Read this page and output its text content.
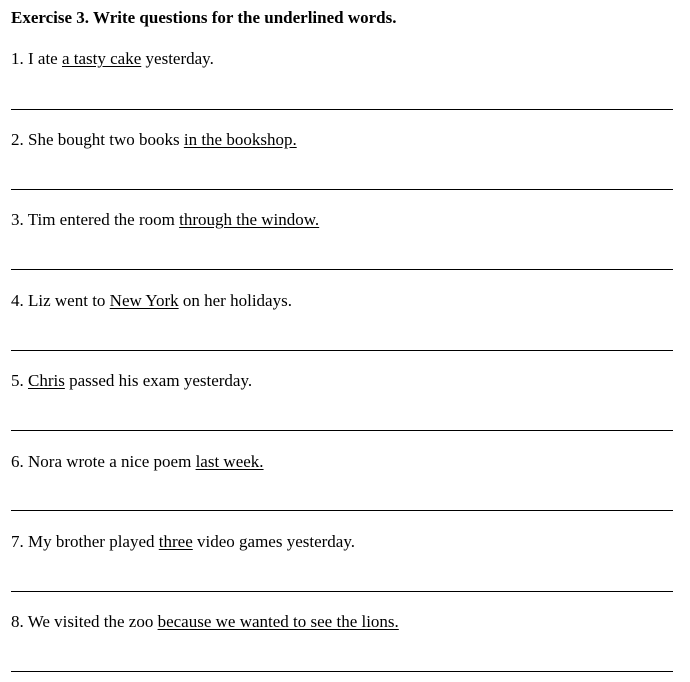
Exercise 3. Write questions for the underlined words.
1. I ate a tasty cake yesterday.
2. She bought two books in the bookshop.
3. Tim entered the room through the window.
4. Liz went to New York on her holidays.
5. Chris passed his exam yesterday.
6. Nora wrote a nice poem last week.
7. My brother played three video games yesterday.
8. We visited the zoo because we wanted to see the lions.
